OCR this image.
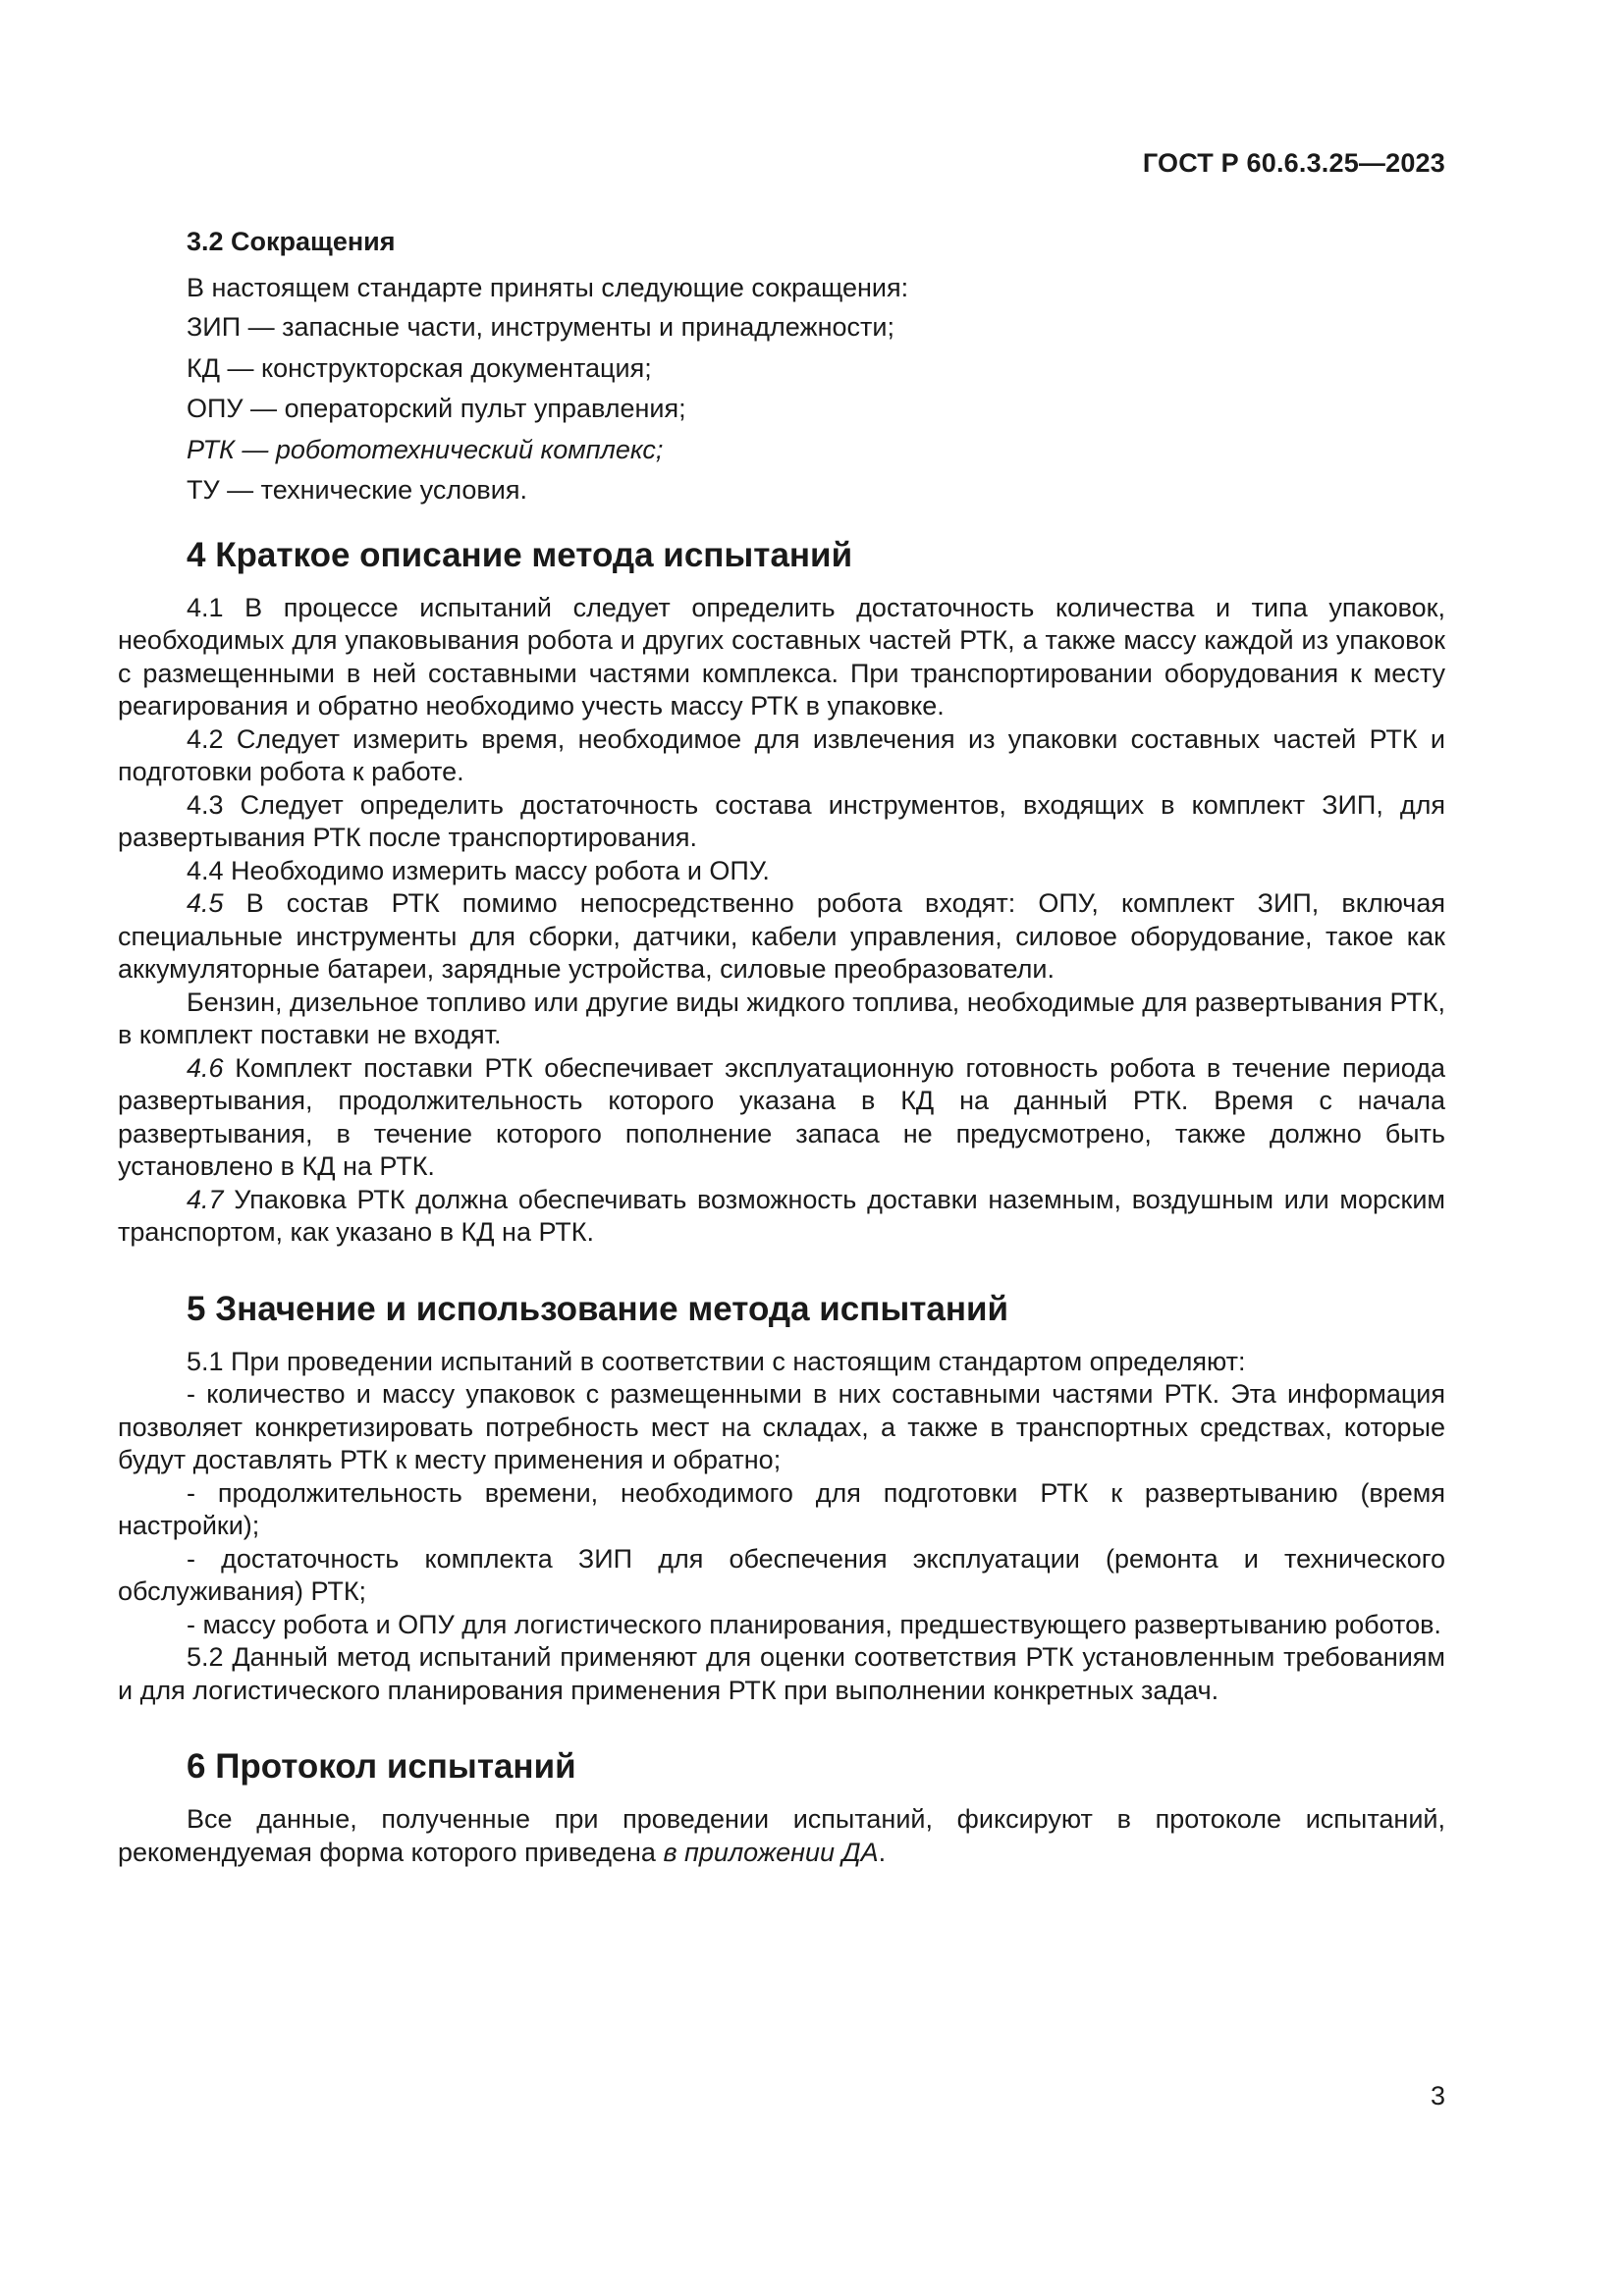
ГОСТ Р 60.6.3.25—2023
3.2 Сокращения
В настоящем стандарте приняты следующие сокращения:
ЗИП — запасные части, инструменты и принадлежности;
КД — конструкторская документация;
ОПУ — операторский пульт управления;
РТК — робототехнический комплекс;
ТУ — технические условия.
4 Краткое описание метода испытаний

4.1 В процессе испытаний следует определить достаточность количества и типа упаковок, необходимых для упаковывания робота и других составных частей РТК, а также массу каждой из упаковок с размещенными в ней составными частями комплекса. При транспортировании оборудования к месту реагирования и обратно необходимо учесть массу РТК в упаковке.

4.2 Следует измерить время, необходимое для извлечения из упаковки составных частей РТК и подготовки робота к работе.

4.3 Следует определить достаточность состава инструментов, входящих в комплект ЗИП, для развертывания РТК после транспортирования.

4.4 Необходимо измерить массу робота и ОПУ.

4.5 В состав РТК помимо непосредственно робота входят: ОПУ, комплект ЗИП, включая специальные инструменты для сборки, датчики, кабели управления, силовое оборудование, такое как аккумуляторные батареи, зарядные устройства, силовые преобразователи.

Бензин, дизельное топливо или другие виды жидкого топлива, необходимые для развертывания РТК, в комплект поставки не входят.

4.6 Комплект поставки РТК обеспечивает эксплуатационную готовность робота в течение периода развертывания, продолжительность которого указана в КД на данный РТК. Время с начала развертывания, в течение которого пополнение запаса не предусмотрено, также должно быть установлено в КД на РТК.

4.7 Упаковка РТК должна обеспечивать возможность доставки наземным, воздушным или морским транспортом, как указано в КД на РТК.

5 Значение и использование метода испытаний

5.1 При проведении испытаний в соответствии с настоящим стандартом определяют:

- количество и массу упаковок с размещенными в них составными частями РТК. Эта информация позволяет конкретизировать потребность мест на складах, а также в транспортных средствах, которые будут доставлять РТК к месту применения и обратно;

- продолжительность времени, необходимого для подготовки РТК к развертыванию (время настройки);

- достаточность комплекта ЗИП для обеспечения эксплуатации (ремонта и технического обслуживания) РТК;

- массу робота и ОПУ для логистического планирования, предшествующего развертыванию роботов.

5.2 Данный метод испытаний применяют для оценки соответствия РТК установленным требованиям и для логистического планирования применения РТК при выполнении конкретных задач.

6 Протокол испытаний

Все данные, полученные при проведении испытаний, фиксируют в протоколе испытаний, рекомендуемая форма которого приведена в приложении ДА.

3
